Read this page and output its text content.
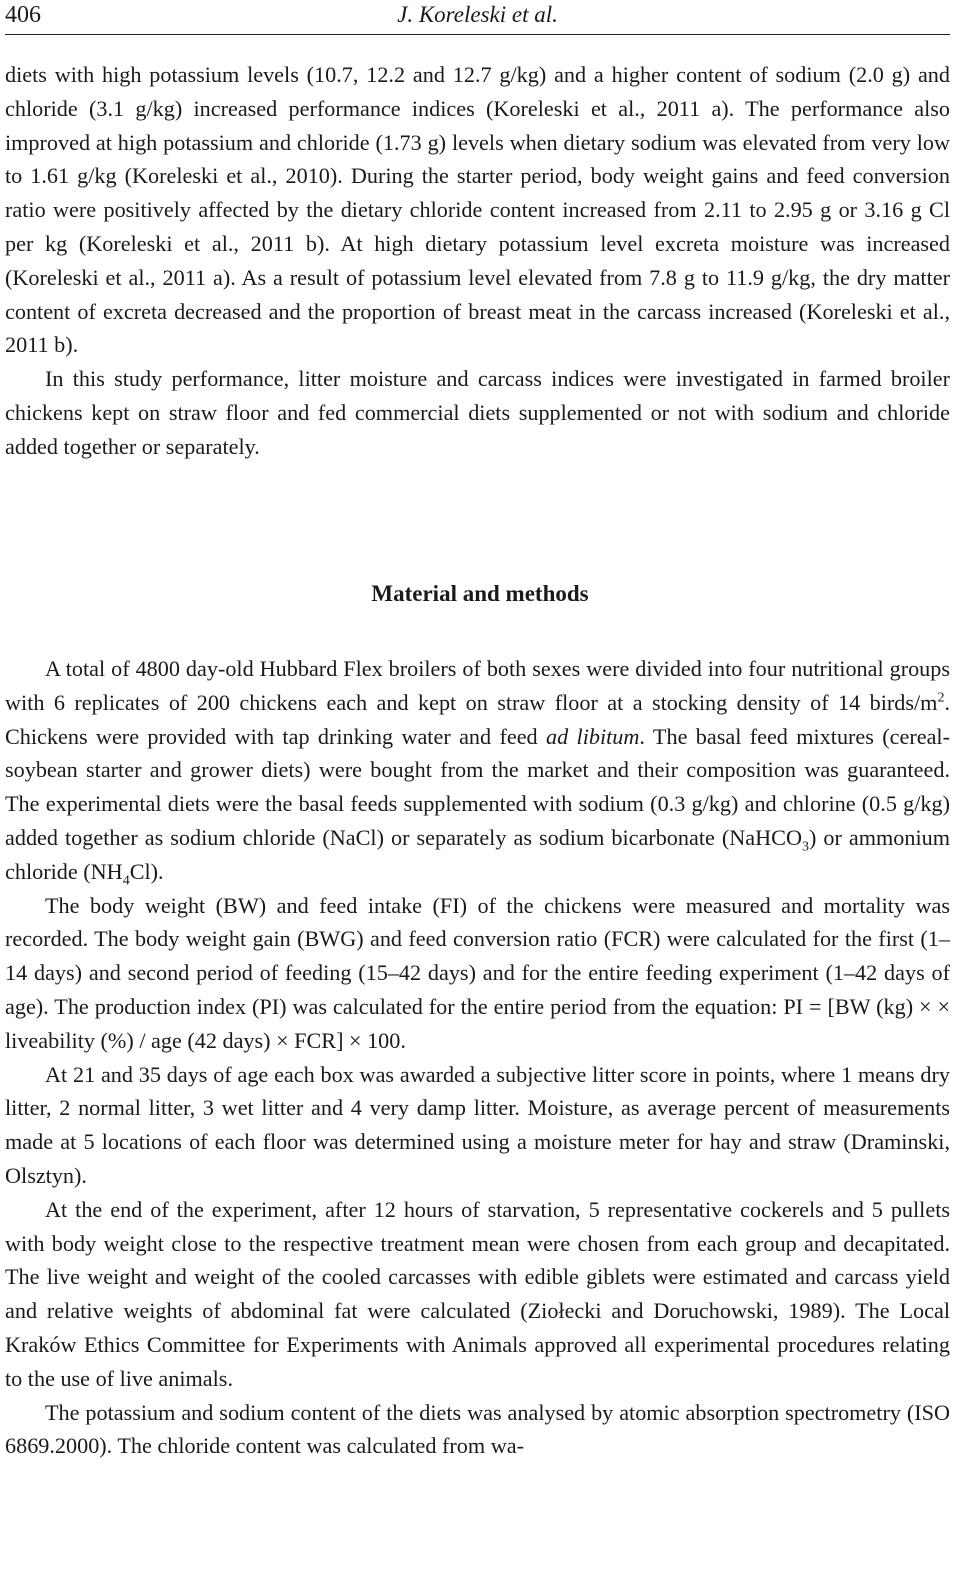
406	J. Koreleski et al.

diets with high potassium levels (10.7, 12.2 and 12.7 g/kg) and a higher content of sodium (2.0 g) and chloride (3.1 g/kg) increased performance indices (Koreleski et al., 2011 a). The performance also improved at high potassium and chloride (1.73 g) levels when dietary sodium was elevated from very low to 1.61 g/kg (Koreleski et al., 2010). During the starter period, body weight gains and feed conversion ratio were positively affected by the dietary chloride content increased from 2.11 to 2.95 g or 3.16 g Cl per kg (Koreleski et al., 2011 b). At high dietary potassium level excreta moisture was increased (Koreleski et al., 2011 a). As a result of potassium level elevated from 7.8 g to 11.9 g/kg, the dry matter content of excreta decreased and the proportion of breast meat in the carcass increased (Koreleski et al., 2011 b).

In this study performance, litter moisture and carcass indices were investigated in farmed broiler chickens kept on straw floor and fed commercial diets supplemented or not with sodium and chloride added together or separately.

Material and methods

A total of 4800 day-old Hubbard Flex broilers of both sexes were divided into four nutritional groups with 6 replicates of 200 chickens each and kept on straw floor at a stocking density of 14 birds/$m^2$. Chickens were provided with tap drinking water and feed ad libitum. The basal feed mixtures (cereal-soybean starter and grower diets) were bought from the market and their composition was guaranteed. The experimental diets were the basal feeds supplemented with sodium (0.3 g/kg) and chlorine (0.5 g/kg) added together as sodium chloride (NaCl) or separately as sodium bicarbonate (NaHCO$_3$) or ammonium chloride $(NH_4Cl)$.

The body weight (BW) and feed intake (FI) of the chickens were measured and mortality was recorded. The body weight gain (BWG) and feed conversion ratio (FCR) were calculated for the first (1–14 days) and second period of feeding (15–42 days) and for the entire feeding experiment (1–42 days of age). The production index (PI) was calculated for the entire period from the equation: PI = [BW (kg) × × liveability (%) / age (42 days) × FCR] × 100.

At 21 and 35 days of age each box was awarded a subjective litter score in points, where 1 means dry litter, 2 normal litter, 3 wet litter and 4 very damp litter. Moisture, as average percent of measurements made at 5 locations of each floor was determined using a moisture meter for hay and straw (Draminski, Olsztyn).

At the end of the experiment, after 12 hours of starvation, 5 representative cockerels and 5 pullets with body weight close to the respective treatment mean were chosen from each group and decapitated. The live weight and weight of the cooled carcasses with edible giblets were estimated and carcass yield and relative weights of abdominal fat were calculated (Ziołecki and Doruchowski, 1989). The Local Kraków Ethics Committee for Experiments with Animals approved all experimental procedures relating to the use of live animals.

The potassium and sodium content of the diets was analysed by atomic absorption spectrometry (ISO 6869.2000). The chloride content was calculated from wa-
